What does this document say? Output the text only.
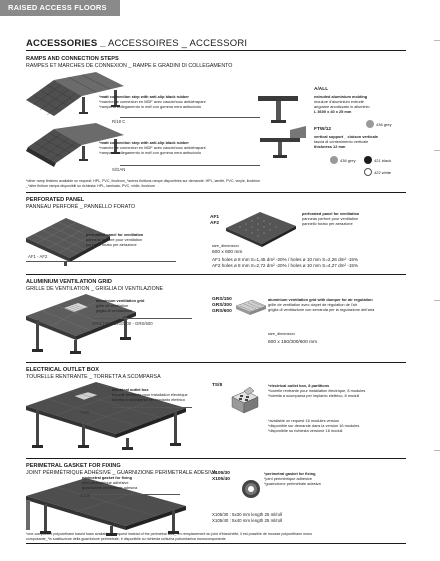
RAISED ACCESS FLOORS
ACCESSORIES _ ACCESSOIRES _ ACCESSORI
RAMPS AND CONNECTION STEPS
RAMPES ET MARCHES DE CONNEXION _ RAMPE E GRADINI DI COLLEGAMENTO
*matt connection step with anti-slip black rubber
*marche de connexion en MDF avec caoutchouc antidérapant
*rampa di collegamento in mdf con gomma nera antiscivolo
R/18 C
*matt connection step with anti-slip black rubber
*marche de connexion en MDF avec caoutchouc antidérapant
*rampa di collegamento in mdf con gomma nera antiscivolo
S/GAN
A/ALL
extruded aluminium molding
moulure d'aluminium extrudé
angolare anodizzato in alluminio
L 3600 x 40 x 25 mm
436 grey
FTW/12
vertical support _ cloison verticale
fascia di contenimento verticale
thickness 12 mm
436 grey	421 black
422 white
*other ramp finishes available on request: HPL, PVC, linoleum_*autres finitions rampe disponibles sur demande: HPL, lamifé, PVC, vinyle, linoléum
_*altre finiture rampa disponibili su richiesta: HPL, laminato, PVC, vinile, linoleum
PERFORATED PANEL
PANNEAU PERFORÉ _ PANNELLO FORATO
perforated panel for ventilation
panneau perforé pour ventilation
pannello forato per aerazione
AF1 - AF2
AF1
AF2
perforated panel for ventilation
panneau perforé pour ventilation
pannello forato per aerazione
size_dimension
600 x 600 mm
AF1 holes ø 8 mm S=1,45 dm² -20% / holes ø 10 mm S=2,26 dm² -15%
AF2 holes ø 8 mm S=2,72 dm² -20% / holes ø 10 mm S=4,27 dm² -15%
ALUMINIUM VENTILATION GRID
GRILLE DE VENTILATION _ GRIGLIA DI VENTILAZIONE
aluminium ventilation grid
grille de ventilation
griglia di ventilazione
GRS/150 - GRS/300 - GRS/600
GRS/150
GRS/300
GRS/600
aluminium ventilation grid with dumper for air regulation
grille de ventilation avec clapet de régulation de l'air
griglia di ventilazione con serranda per la regolazione dell'aria
size_dimension
600 x 150/300/600 mm
ELECTRICAL OUTLET BOX
TOURELLE RENTRANTE _ TORRETTA A SCOMPARSA
electrical outlet box
tourelle rentrante pour installation électrique
torretta a scomparsa per impianto elettrico
TS/8
TS/8	*electrical outlet box, 8 partitions
*tourelle rentrante pour installation électrique, 8 modules
*torretta a scomparsa per impianto elettrico, 8 moduli
*available on request 16 modules version
*disponible sur demande dans la version 16 modules
*disponibile su richiesta versione 16 moduli
PERIMETRAL GASKET FOR FIXING
JOINT PÉRIMÉTRIQUE ADHÉSIVE _ GUARNIZIONE PERIMETRALE ADESIVA
perimetral gasket for fixing
joint périmétrique adhésive
guarnizione perimetrale adesiva
X105
X105/30
X105/40
*perimetral gasket for fixing
*joint périmétrique adhésive
*guarnizione perimetrale adesiva
X105/30 : 5x30 mm length 25 ml/roll
X105/40 : 5x40 mm length 25 ml/roll
*one-component polyurethane based foam available on request instead of the perimetral seal_*en remplacement du joint d'étanchéité, il est possible de mousse polyuréthane mono
composante_*in sostituzione della guarnizione perimetrale, è disponibile su richiesta schiuma poliuretanica monocomponente
